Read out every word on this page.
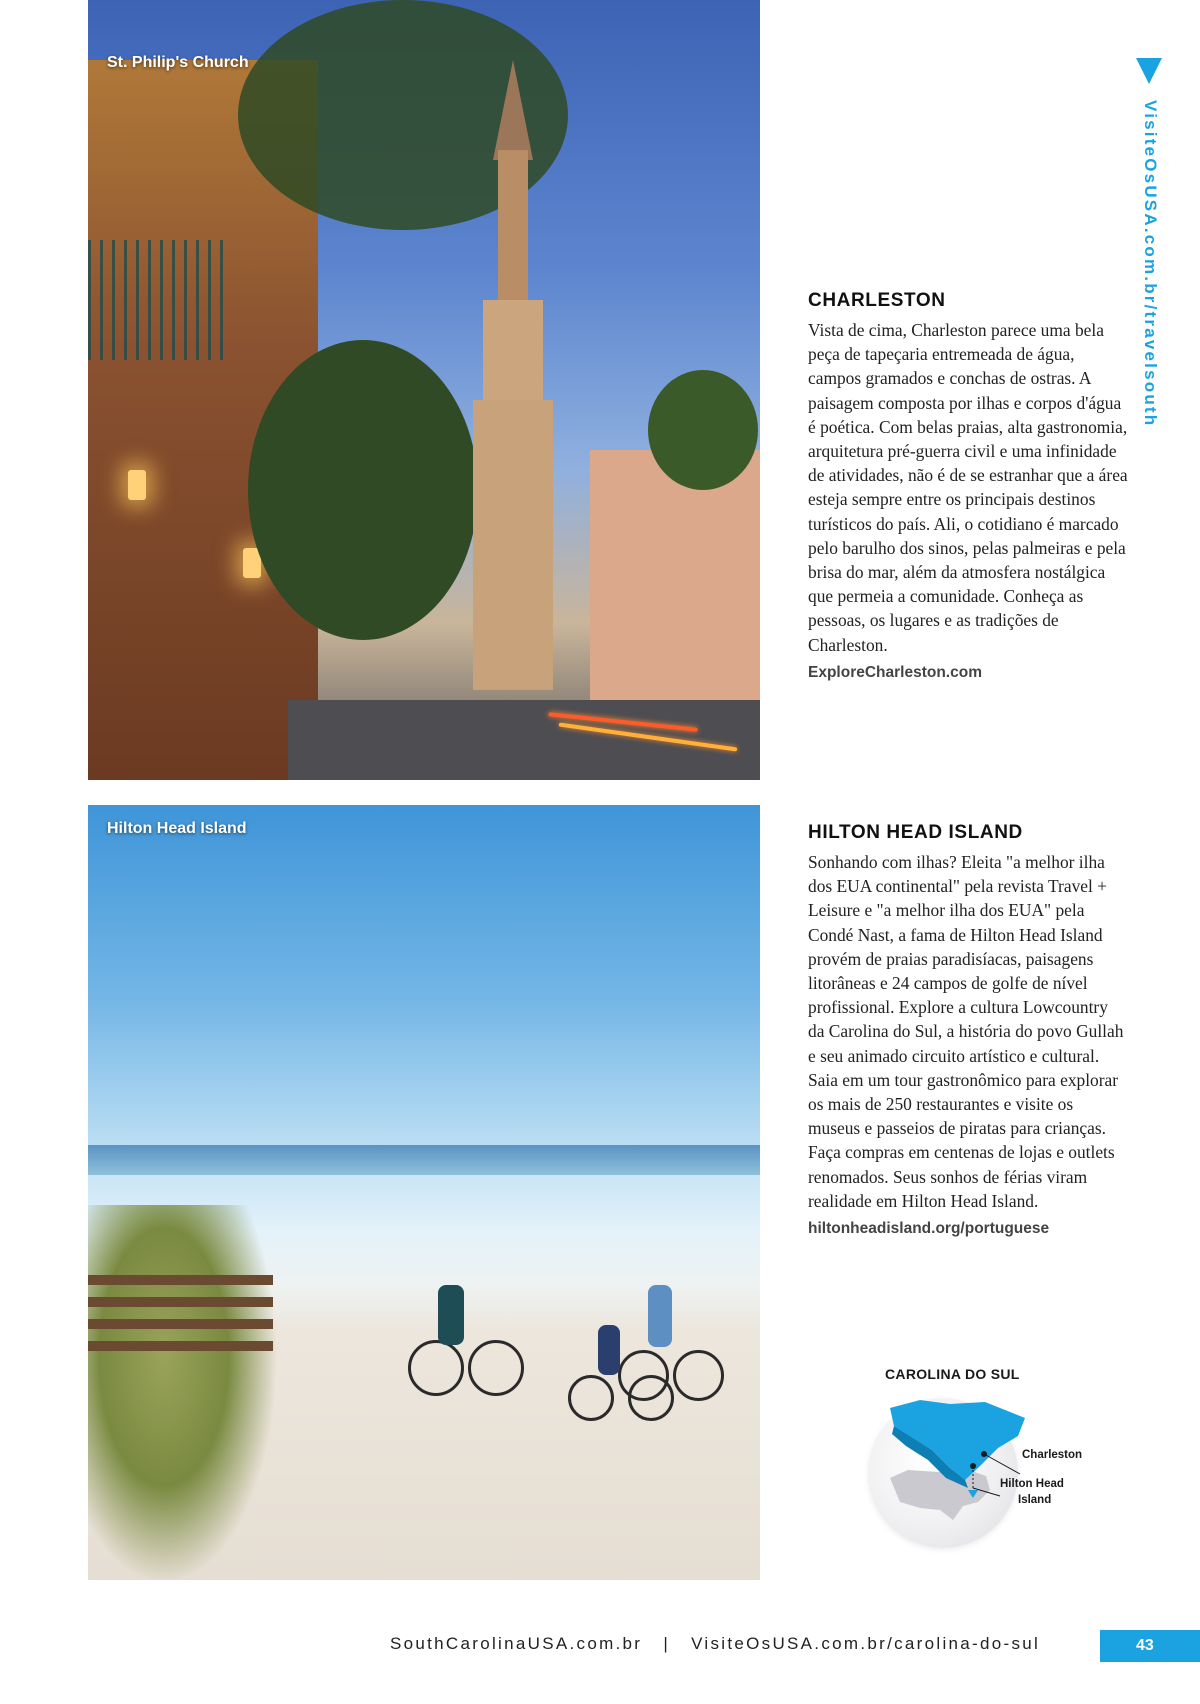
St. Philip's Church
Hilton Head Island
CHARLESTON

Vista de cima, Charleston parece uma bela peça de tapeçaria entremeada de água, campos gramados e conchas de ostras. A paisagem composta por ilhas e corpos d'água é poética. Com belas praias, alta gastronomia, arquitetura pré-guerra civil e uma infinidade de atividades, não é de se estranhar que a área esteja sempre entre os principais destinos turísticos do país. Ali, o cotidiano é marcado pelo barulho dos sinos, pelas palmeiras e pela brisa do mar, além da atmosfera nostálgica que permeia a comunidade. Conheça as pessoas, os lugares e as tradições de Charleston.

ExploreCharleston.com
HILTON HEAD ISLAND

Sonhando com ilhas? Eleita "a melhor ilha dos EUA continental" pela revista Travel + Leisure e "a melhor ilha dos EUA" pela Condé Nast, a fama de Hilton Head Island provém de praias paradisíacas, paisagens litorâneas e 24 campos de golfe de nível profissional. Explore a cultura Lowcountry da Carolina do Sul, a história do povo Gullah e seu animado circuito artístico e cultural. Saia em um tour gastronômico para explorar os mais de 250 restaurantes e visite os museus e passeios de piratas para crianças. Faça compras em centenas de lojas e outlets renomados. Seus sonhos de férias viram realidade em Hilton Head Island.

hiltonheadisland.org/portuguese
CAROLINA DO SUL
Charleston
Hilton Head
Island
VisiteOsUSA.com.br/travelsouth
SouthCarolinaUSA.com.br | VisiteOsUSA.com.br/carolina-do-sul	43
